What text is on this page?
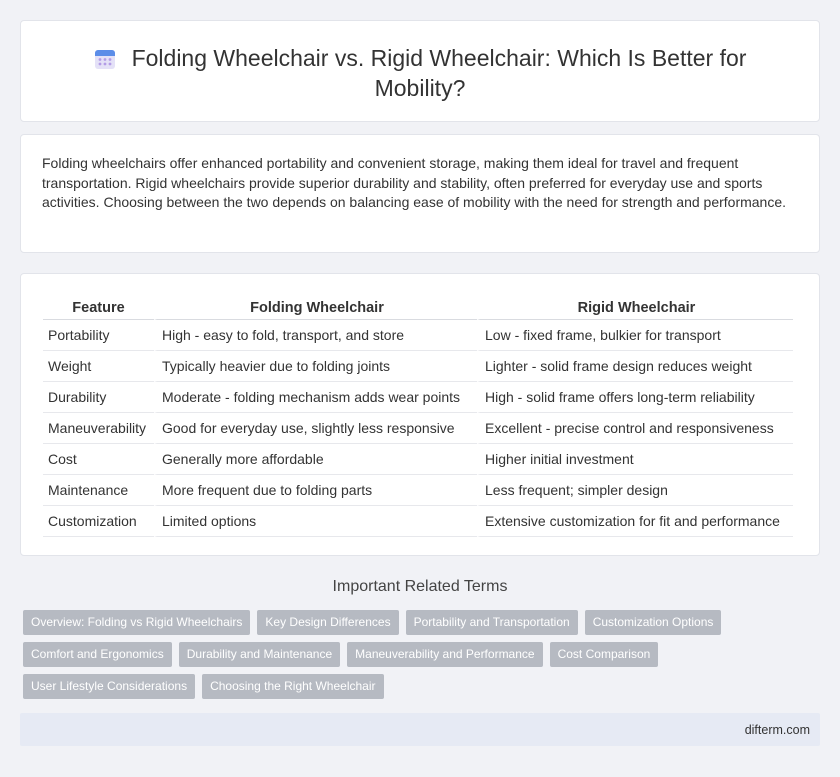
Folding Wheelchair vs. Rigid Wheelchair: Which Is Better for Mobility?

Folding wheelchairs offer enhanced portability and convenient storage, making them ideal for travel and frequent transportation. Rigid wheelchairs provide superior durability and stability, often preferred for everyday use and sports activities. Choosing between the two depends on balancing ease of mobility with the need for strength and performance.

Feature	Folding Wheelchair	Rigid Wheelchair
Portability	High - easy to fold, transport, and store	Low - fixed frame, bulkier for transport
Weight	Typically heavier due to folding joints	Lighter - solid frame design reduces weight
Durability	Moderate - folding mechanism adds wear points	High - solid frame offers long-term reliability
Maneuverability	Good for everyday use, slightly less responsive	Excellent - precise control and responsiveness
Cost	Generally more affordable	Higher initial investment
Maintenance	More frequent due to folding parts	Less frequent; simpler design
Customization	Limited options	Extensive customization for fit and performance
Important Related Terms
Overview: Folding vs Rigid Wheelchairs	Key Design Differences	Portability and Transportation	Customization Options
Comfort and Ergonomics	Durability and Maintenance	Maneuverability and Performance	Cost Comparison
User Lifestyle Considerations	Choosing the Right Wheelchair
difterm.com
